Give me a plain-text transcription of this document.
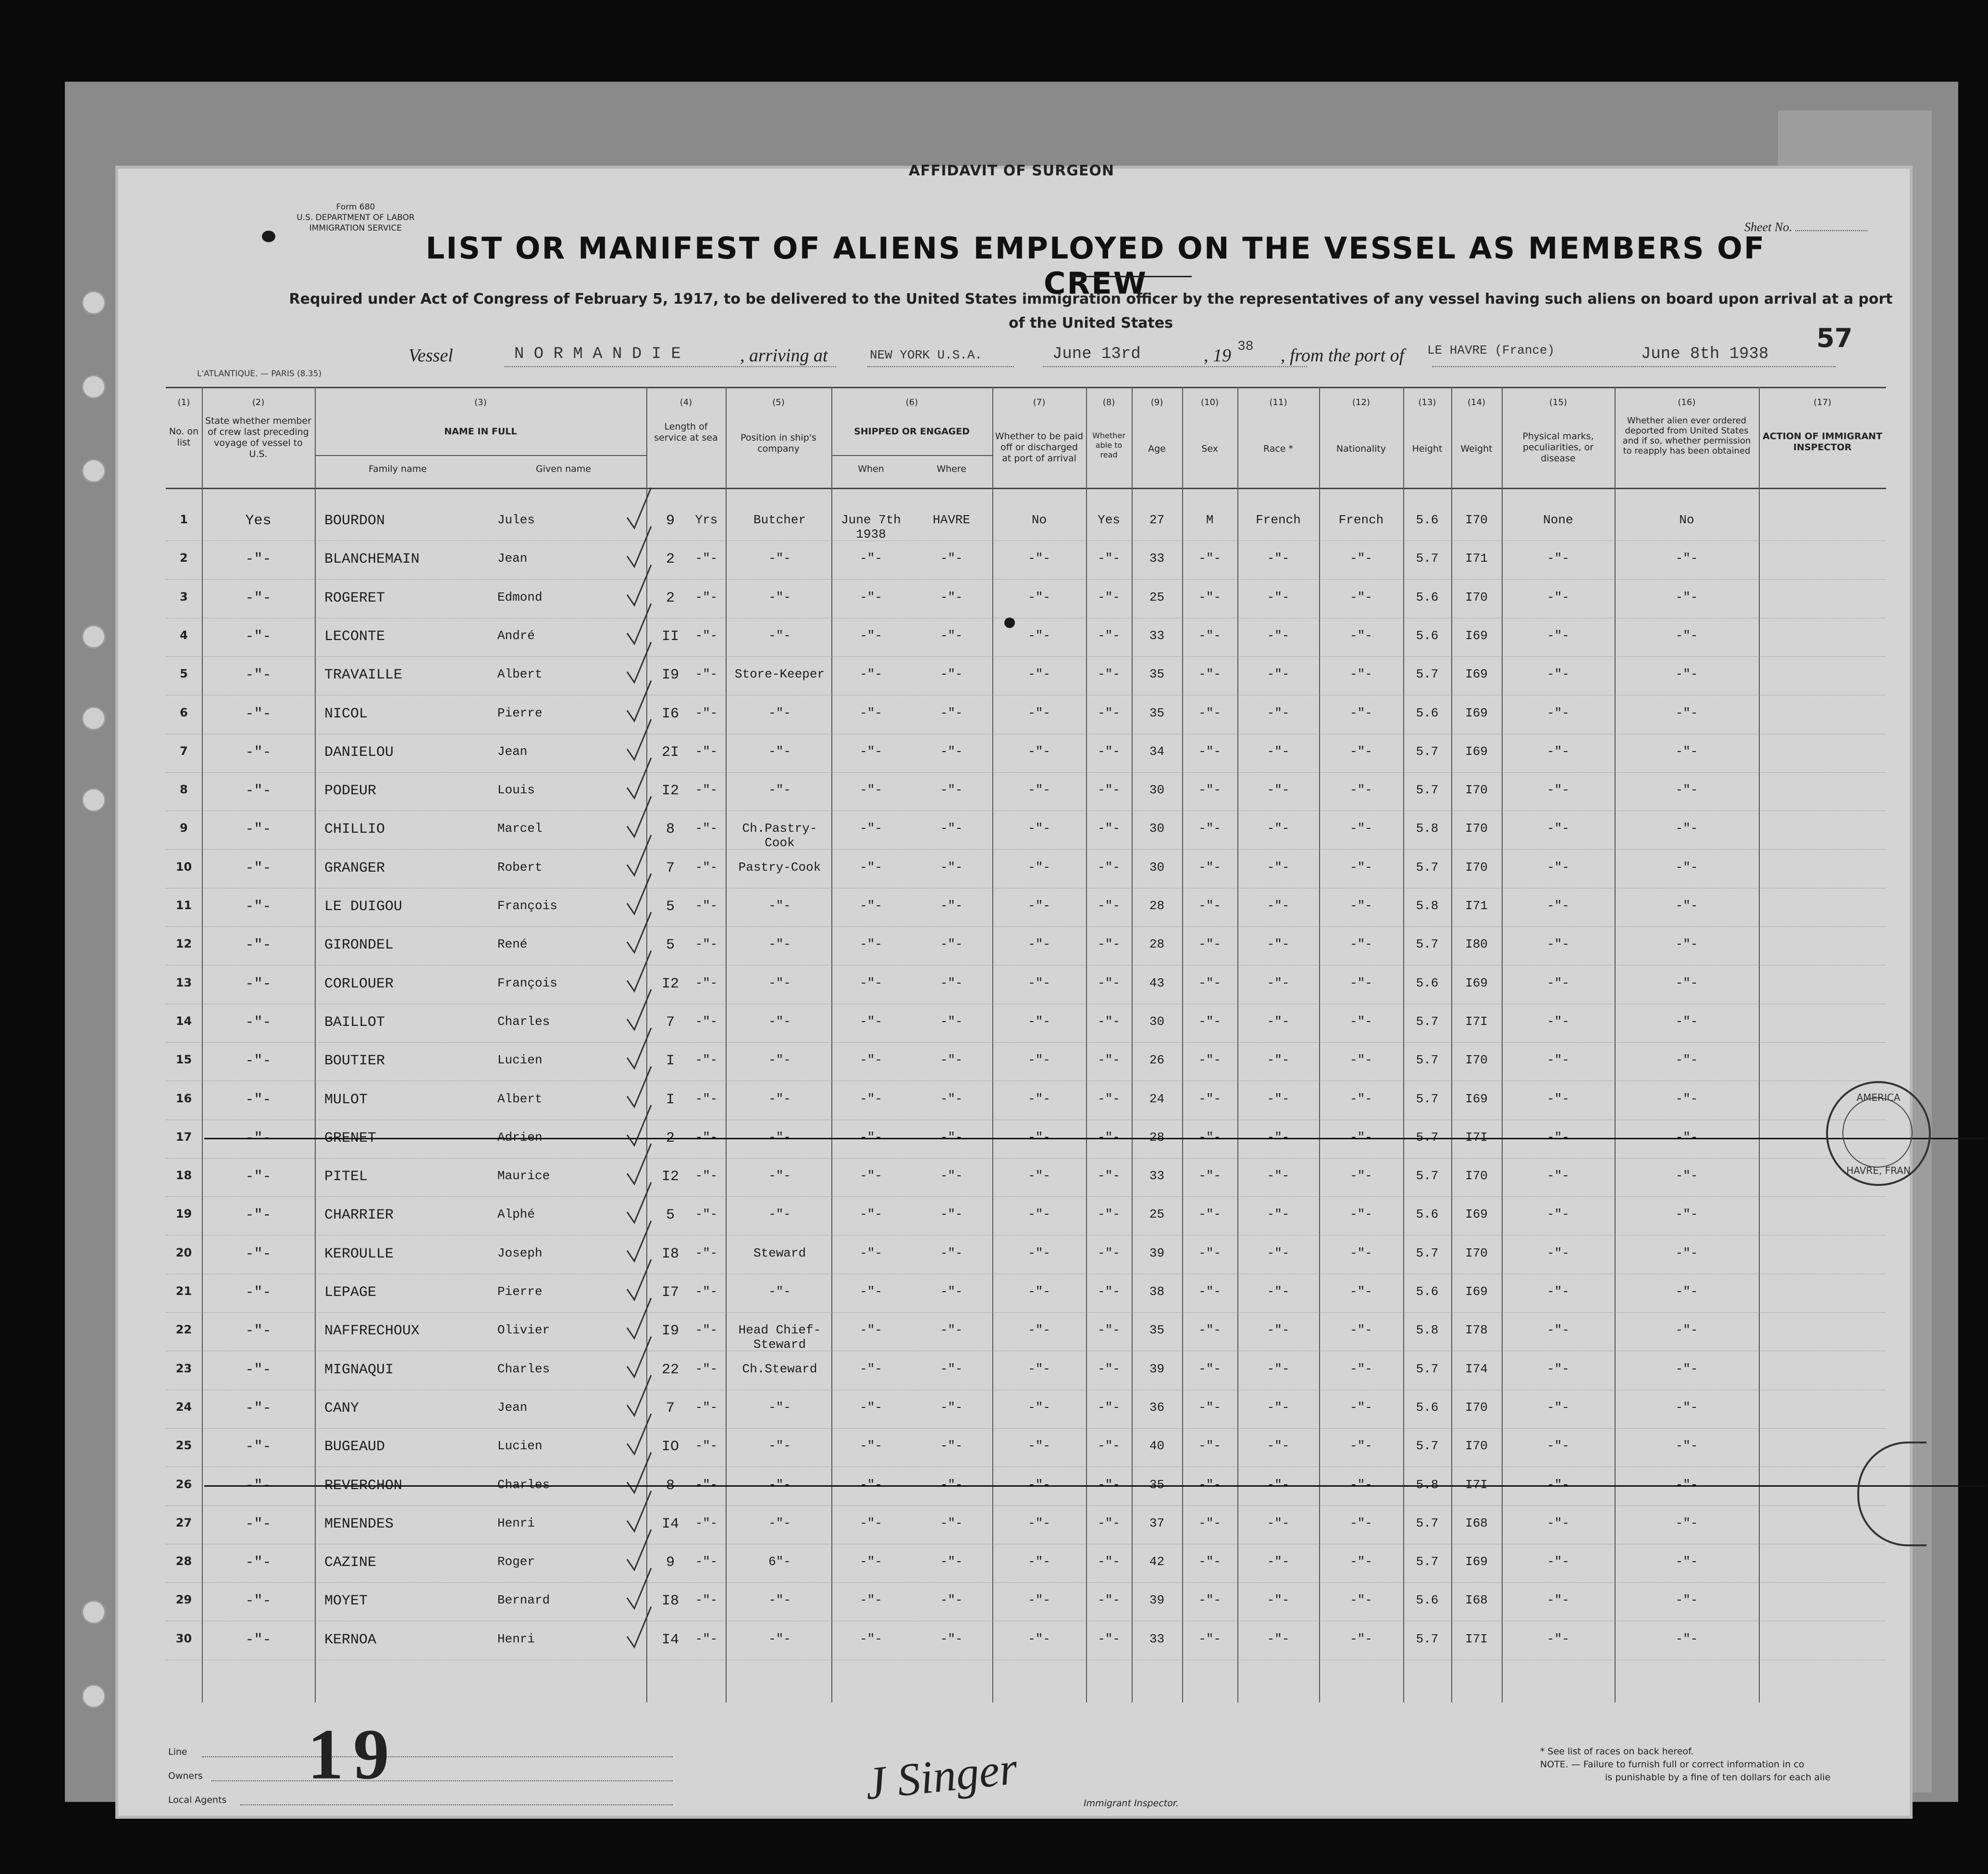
AFFIDAVIT OF SURGEON
Form 680
U.S. DEPARTMENT OF LABOR
IMMIGRATION SERVICE	Sheet No.
57
LIST OR MANIFEST OF ALIENS EMPLOYED ON THE VESSEL AS MEMBERS OF CREW
Required under Act of Congress of February 5, 1917, to be delivered to the United States immigration officer by the representatives of any vessel having such aliens on board upon arrival at a port of the United States
Vessel	N O R M A N D I E	, arriving at	NEW YORK U.S.A.	June 13rd	, 19 38 , from the port of LE HAVRE (France)	June 8th 1938
L'ATLANTIQUE. — PARIS (8.35)
(1)	(2)	(3)	(4)	(5)	(6)	(7)	(8)	(9)	(10)	(11)	(12)	(13)	(14)	(15)	(16)	(17)
No. on list
State whether member of crew last preceding voyage of vessel to U.S.
NAME IN FULL
Family name	Given name
Length of service at sea	Position in ship's company
SHIPPED OR ENGAGED
When	Where
Whether to be paid off or discharged at port of arrival
Whether able to read
Age	Sex	Race *	Nationality	Height	Weight
Physical marks, peculiarities, or disease
Whether alien ever ordered deported from United States and if so, whether permission to reapply has been obtained
ACTION OF IMMIGRANT INSPECTOR
1	Yes	BOURDON	Jules	9	Yrs	Butcher	June 7th	HAVRE	No	Yes	27	M	French	French	5.6	I70	None	No
1938
2	-"-	BLANCHEMAIN	Jean	2	-"-	-"-	-"-	-"-	-"-	-"-	33	-"-	-"-	-"-	5.7	I71	-"-	-"-
3	-"-	ROGERET	Edmond	2	-"-	-"-	-"-	-"-	-"-	-"-	25	-"-	-"-	-"-	5.6	I70	-"-	-"-
4	-"-	LECONTE	André	II	-"-	-"-	-"-	-"-	-"-	-"-	33	-"-	-"-	-"-	5.6	I69	-"-	-"-
5	-"-	TRAVAILLE	Albert	I9	-"-	Store-Keeper	-"-	-"-	-"-	-"-	35	-"-	-"-	-"-	5.7	I69	-"-	-"-
6	-"-	NICOL	Pierre	I6	-"-	-"-	-"-	-"-	-"-	-"-	35	-"-	-"-	-"-	5.6	I69	-"-	-"-
7	-"-	DANIELOU	Jean	2I	-"-	-"-	-"-	-"-	-"-	-"-	34	-"-	-"-	-"-	5.7	I69	-"-	-"-
8	-"-	PODEUR	Louis	I2	-"-	-"-	-"-	-"-	-"-	-"-	30	-"-	-"-	-"-	5.7	I70	-"-	-"-
9	-"-	CHILLIO	Marcel	8	-"-	Ch.Pastry-	-"-	-"-	-"-	-"-	30	-"-	-"-	-"-	5.8	I70	-"-	-"-
Cook
10	-"-	GRANGER	Robert	7	-"-	Pastry-Cook	-"-	-"-	-"-	-"-	30	-"-	-"-	-"-	5.7	I70	-"-	-"-
11	-"-	LE DUIGOU	François	5	-"-	-"-	-"-	-"-	-"-	-"-	28	-"-	-"-	-"-	5.8	I71	-"-	-"-
12	-"-	GIRONDEL	René	5	-"-	-"-	-"-	-"-	-"-	-"-	28	-"-	-"-	-"-	5.7	I80	-"-	-"-
13	-"-	CORLOUER	François	I2	-"-	-"-	-"-	-"-	-"-	-"-	43	-"-	-"-	-"-	5.6	I69	-"-	-"-
14	-"-	BAILLOT	Charles	7	-"-	-"-	-"-	-"-	-"-	-"-	30	-"-	-"-	-"-	5.7	I7I	-"-	-"-
15	-"-	BOUTIER	Lucien	I	-"-	-"-	-"-	-"-	-"-	-"-	26	-"-	-"-	-"-	5.7	I70	-"-	-"-
16	-"-	MULOT	Albert	I	-"-	-"-	-"-	-"-	-"-	-"-	24	-"-	-"-	-"-	5.7	I69	-"-	-"-
17	-"-	GRENET	Adrien	2	-"-	-"-	-"-	-"-	-"-	-"-	28	-"-	-"-	-"-	5.7	I7I	-"-	-"-
18	-"-	PITEL	Maurice	I2	-"-	-"-	-"-	-"-	-"-	-"-	33	-"-	-"-	-"-	5.7	I70	-"-	-"-
19	-"-	CHARRIER	Alphé	5	-"-	-"-	-"-	-"-	-"-	-"-	25	-"-	-"-	-"-	5.6	I69	-"-	-"-
20	-"-	KEROULLE	Joseph	I8	-"-	Steward	-"-	-"-	-"-	-"-	39	-"-	-"-	-"-	5.7	I70	-"-	-"-
21	-"-	LEPAGE	Pierre	I7	-"-	-"-	-"-	-"-	-"-	-"-	38	-"-	-"-	-"-	5.6	I69	-"-	-"-
22	-"-	NAFFRECHOUX	Olivier	I9	-"-	Head Chief-	-"-	-"-	-"-	-"-	35	-"-	-"-	-"-	5.8	I78	-"-	-"-
Steward
23	-"-	MIGNAQUI	Charles	22	-"-	Ch.Steward	-"-	-"-	-"-	-"-	39	-"-	-"-	-"-	5.7	I74	-"-	-"-
24	-"-	CANY	Jean	7	-"-	-"-	-"-	-"-	-"-	-"-	36	-"-	-"-	-"-	5.6	I70	-"-	-"-
25	-"-	BUGEAUD	Lucien	IO	-"-	-"-	-"-	-"-	-"-	-"-	40	-"-	-"-	-"-	5.7	I70	-"-	-"-
26	-"-	REVERCHON	Charles	8	-"-	-"-	-"-	-"-	-"-	-"-	35	-"-	-"-	-"-	5.8	I7I	-"-	-"-
27	-"-	MENENDES	Henri	I4	-"-	-"-	-"-	-"-	-"-	-"-	37	-"-	-"-	-"-	5.7	I68	-"-	-"-
28	-"-	CAZINE	Roger	9	-"-	6"-	-"-	-"-	-"-	-"-	42	-"-	-"-	-"-	5.7	I69	-"-	-"-
29	-"-	MOYET	Bernard	I8	-"-	-"-	-"-	-"-	-"-	-"-	39	-"-	-"-	-"-	5.6	I68	-"-	-"-
30	-"-	KERNOA	Henri	I4	-"-	-"-	-"-	-"-	-"-	-"-	33	-"-	-"-	-"-	5.7	I7I	-"-	-"-
AMERICA
HAVRE, FRAN
Line
Owners
Local Agents
19	J Singer	Immigrant Inspector.
* See list of races on back hereof.
NOTE. — Failure to furnish full or correct information in co
is punishable by a fine of ten dollars for each alie
